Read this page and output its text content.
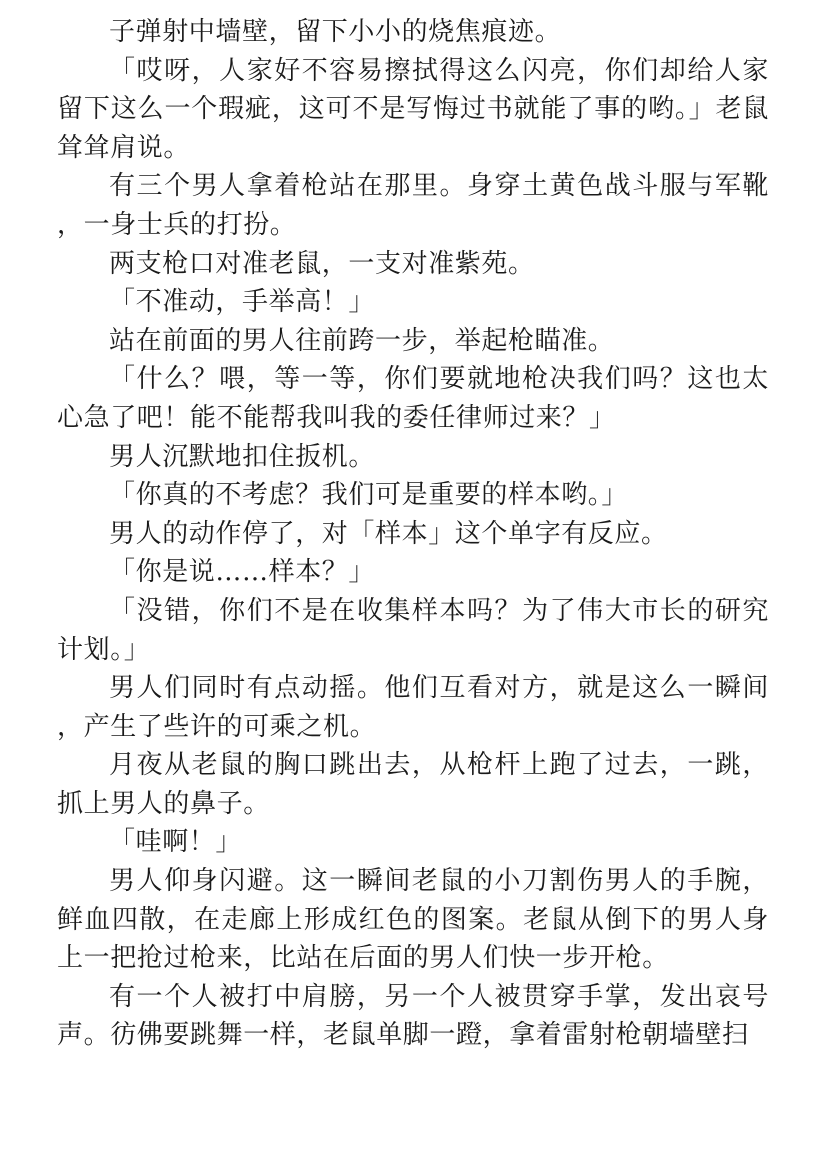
子弹射中墙壁，留下小小的烧焦痕迹。

「哎呀，人家好不容易擦拭得这么闪亮，你们却给人家留下这么一个瑕疵，这可不是写悔过书就能了事的哟。」老鼠耸耸肩说。

有三个男人拿着枪站在那里。身穿土黄色战斗服与军靴，一身士兵的打扮。

两支枪口对准老鼠，一支对准紫苑。

「不准动，手举高！」

站在前面的男人往前跨一步，举起枪瞄准。

「什么？喂，等一等，你们要就地枪决我们吗？这也太心急了吧！能不能帮我叫我的委任律师过来？」

男人沉默地扣住扳机。

「你真的不考虑？我们可是重要的样本哟。」

男人的动作停了，对「样本」这个单字有反应。

「你是说……样本？」

「没错，你们不是在收集样本吗？为了伟大市长的研究计划。」

男人们同时有点动摇。他们互看对方，就是这么一瞬间，产生了些许的可乘之机。

月夜从老鼠的胸口跳出去，从枪杆上跑了过去，一跳，抓上男人的鼻子。

「哇啊！」

男人仰身闪避。这一瞬间老鼠的小刀割伤男人的手腕，鲜血四散，在走廊上形成红色的图案。老鼠从倒下的男人身上一把抢过枪来，比站在后面的男人们快一步开枪。

有一个人被打中肩膀，另一个人被贯穿手掌，发出哀号声。彷佛要跳舞一样，老鼠单脚一蹬，拿着雷射枪朝墙壁扫
